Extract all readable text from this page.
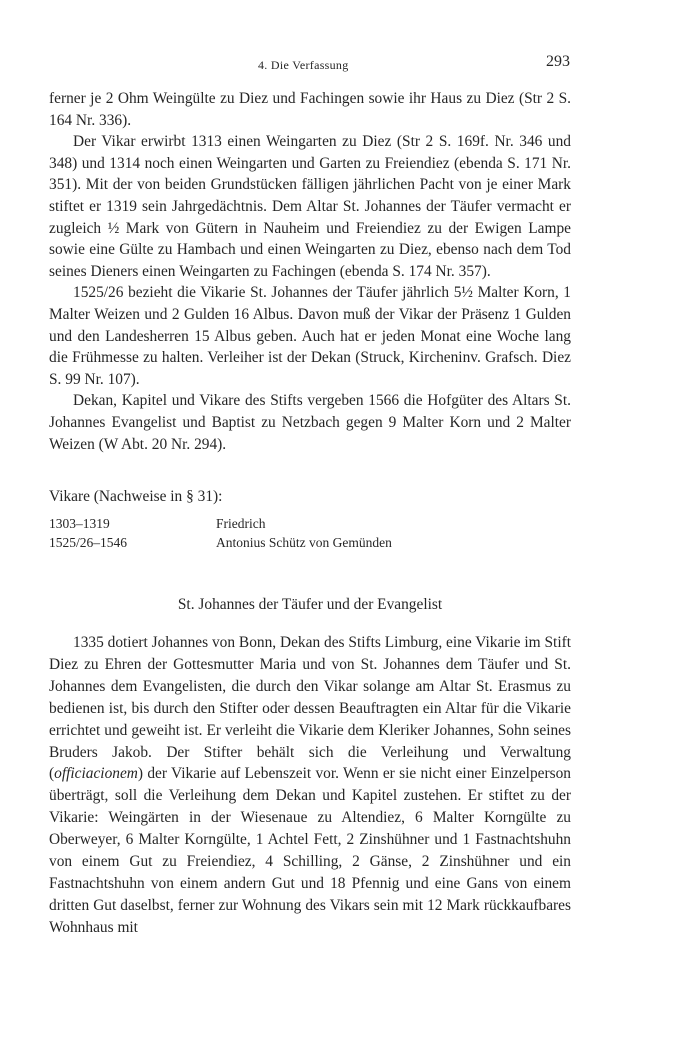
4. Die Verfassung	293

ferner je 2 Ohm Weingülte zu Diez und Fachingen sowie ihr Haus zu Diez (Str 2 S. 164 Nr. 336).

Der Vikar erwirbt 1313 einen Weingarten zu Diez (Str 2 S. 169f. Nr. 346 und 348) und 1314 noch einen Weingarten und Garten zu Freiendiez (ebenda S. 171 Nr. 351). Mit der von beiden Grundstücken fälligen jährlichen Pacht von je einer Mark stiftet er 1319 sein Jahrgedächtnis. Dem Altar St. Johannes der Täufer vermacht er zugleich ½ Mark von Gütern in Nauheim und Freiendiez zu der Ewigen Lampe sowie eine Gülte zu Hambach und einen Weingarten zu Diez, ebenso nach dem Tod seines Dieners einen Weingarten zu Fachingen (ebenda S. 174 Nr. 357).

1525/26 bezieht die Vikarie St. Johannes der Täufer jährlich 5½ Malter Korn, 1 Malter Weizen und 2 Gulden 16 Albus. Davon muß der Vikar der Präsenz 1 Gulden und den Landesherren 15 Albus geben. Auch hat er jeden Monat eine Woche lang die Frühmesse zu halten. Verleiher ist der Dekan (Struck, Kircheninv. Grafsch. Diez S. 99 Nr. 107).

Dekan, Kapitel und Vikare des Stifts vergeben 1566 die Hofgüter des Altars St. Johannes Evangelist und Baptist zu Netzbach gegen 9 Malter Korn und 2 Malter Weizen (W Abt. 20 Nr. 294).

Vikare (Nachweise in § 31):
1303–1319	Friedrich
1525/26–1546	Antonius Schütz von Gemünden
St. Johannes der Täufer und der Evangelist

1335 dotiert Johannes von Bonn, Dekan des Stifts Limburg, eine Vikarie im Stift Diez zu Ehren der Gottesmutter Maria und von St. Johannes dem Täufer und St. Johannes dem Evangelisten, die durch den Vikar solange am Altar St. Erasmus zu bedienen ist, bis durch den Stifter oder dessen Beauftragten ein Altar für die Vikarie errichtet und geweiht ist. Er verleiht die Vikarie dem Kleriker Johannes, Sohn seines Bruders Jakob. Der Stifter behält sich die Verleihung und Verwaltung (officiacionem) der Vikarie auf Lebenszeit vor. Wenn er sie nicht einer Einzelperson überträgt, soll die Verleihung dem Dekan und Kapitel zustehen. Er stiftet zu der Vikarie: Weingärten in der Wiesenaue zu Altendiez, 6 Malter Korngülte zu Oberweyer, 6 Malter Korngülte, 1 Achtel Fett, 2 Zinshühner und 1 Fastnachtshuhn von einem Gut zu Freiendiez, 4 Schilling, 2 Gänse, 2 Zinshühner und ein Fastnachtshuhn von einem andern Gut und 18 Pfennig und eine Gans von einem dritten Gut daselbst, ferner zur Wohnung des Vikars sein mit 12 Mark rückkaufbares Wohnhaus mit
